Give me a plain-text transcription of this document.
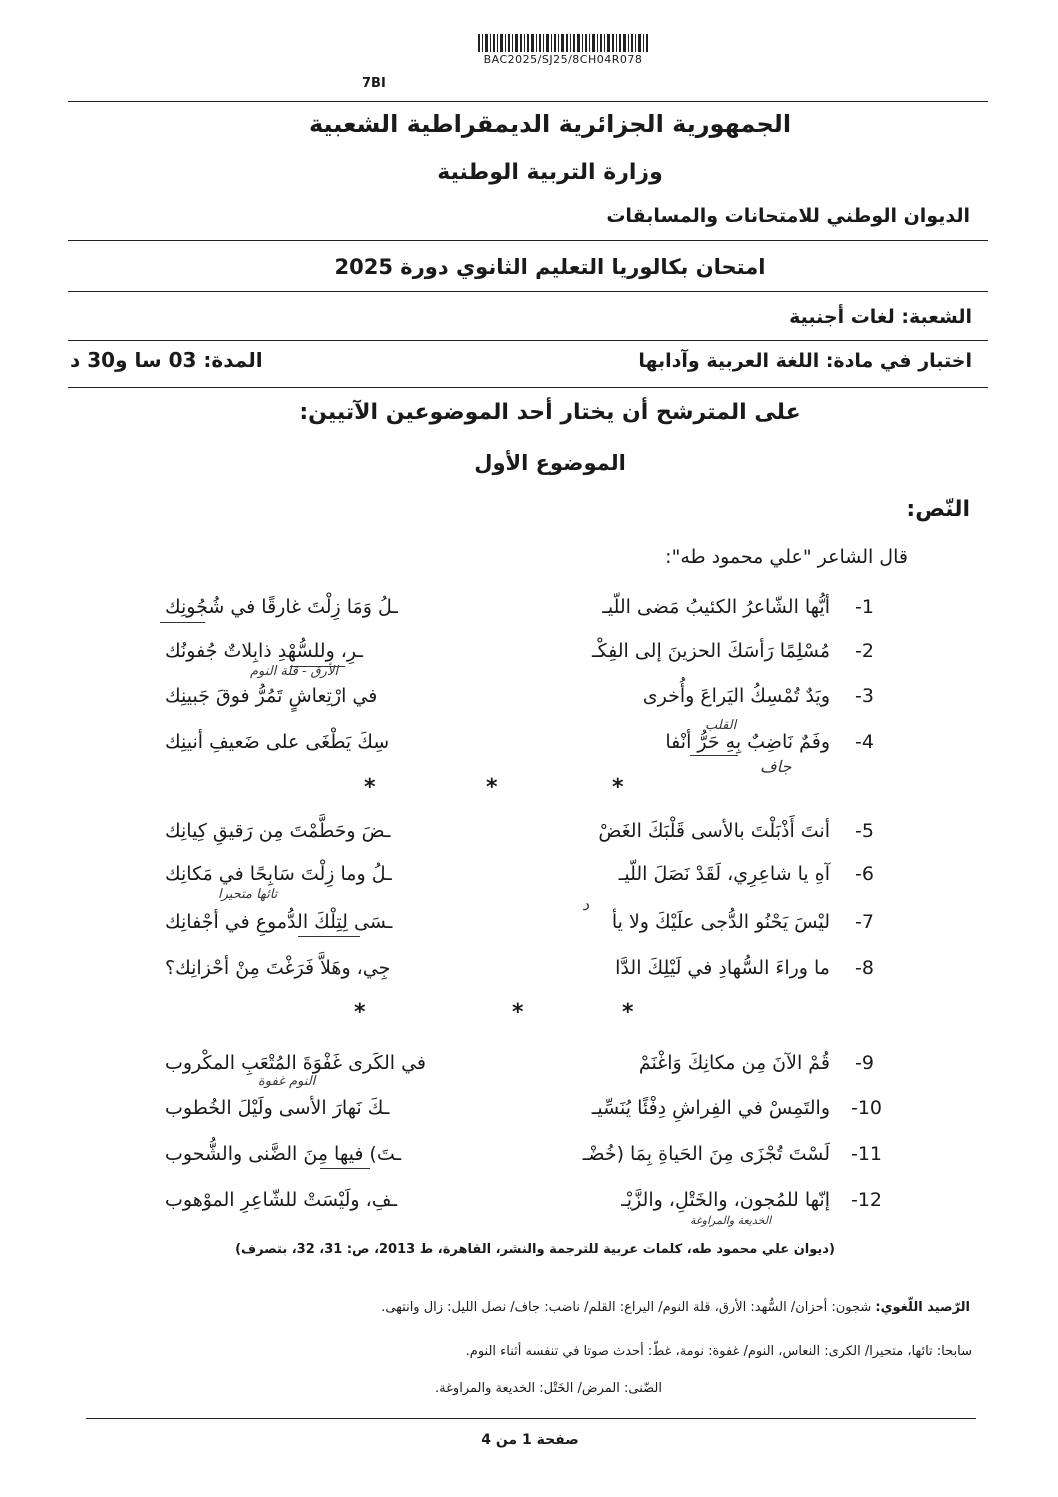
BAC2025/SJ25/8CH04R078
7BI
الجمهورية الجزائرية الديمقراطية الشعبية
وزارة التربية الوطنية
الديوان الوطني للامتحانات والمسابقات
امتحان بكالوريا التعليم الثانوي دورة 2025
الشعبة: لغات أجنبية
اختبار في مادة: اللغة العربية وآدابها
المدة: 03 سا و30 د
على المترشح أن يختار أحد الموضوعين الآتيين:
الموضوع الأول
النّص:
قال الشاعر "علي محمود طه":
1-
أيُّها الشّاعرُ الكئيبُ مَضى اللّيـ
ـلُ وَمَا زِلْتَ غارقًا في شُجُونِك
2-
مُسْلِمًا رَأسَكَ الحزينَ إلى الفِكْـ
ـرِ، وللسُّهْدِ ذابِلاتٌ جُفونُك
3-
ويَدٌ تُمْسِكُ اليَراعَ وأُخرى
في ارْتِعاشٍ تَمُرُّ فوقَ جَبينِك
4-
وفَمٌ نَاضِبٌ بِهِ حَرُّ أنْفا
سِكَ يَطْغَى على ضَعيفِ أنينِك
*	*	*
5-
أنتَ أَذْبَلْتَ بالأسى قَلْبَكَ الغَضْ
ـضَ وحَطَّمْتَ مِن رَقيقِ كِيانِك
6-
آهِ يا شاعِرِي، لَقَدْ نَصَلَ اللّيـ
ـلُ وما زِلْتَ سَابِحًا في مَكانِك
7-
ليْسَ يَحْنُو الدُّجى علَيْكَ ولا يأ
ـسَى لِتِلْكَ الدُّموعِ في أجْفانِك
8-
ما وراءَ السُّهادِ في لَيْلِكَ الدَّا
جِي، وهَلاَّ فَرَغْتَ مِنْ أحْزانِك؟
*	*	*
9-
قُمْ الآنَ مِن مكانِكَ وَاغْنَمْ
في الكَرى غَفْوَةَ المُتْعَبِ المكْروب
10-
والتَمِسْ في الفِراشِ دِفْئًا يُنَسِّيـ
ـكَ نَهارَ الأسى ولَيْلَ الخُطوب
11-
لَسْتَ تُجْزَى مِنَ الحَياةِ بِمَا (خُضْـ
ـتَ) فيها مِنَ الضَّنى والشُّحوب
12-
إنّها للمُجون، والخَتْلِ، والزَّيْـ
ـفِ، ولَيْسَتْ للشّاعِرِ الموْهوب
الأرق - قلة النوم
القلب
جاف
تائها متحيرا
د
النوم غفوة
الخديعة والمراوغة
(ديوان علي محمود طه، كلمات عربية للترجمة والنشر، القاهرة، ط 2013، ص: 31، 32، بتصرف)
الرّصيد اللّغوي: شجون: أحزان/ السُّهد: الأرق، قلة النوم/ اليراع: القلم/ ناضب: جاف/ نصل الليل: زال وانتهى.
سابحا: تائها، متحيرا/ الكرى: النعاس، النوم/ غفوة: نومة، غطّ: أحدث صوتا في تنفسه أثناء النوم.
الضّنى: المرض/ الخَتْل: الخديعة والمراوغة.
صفحة 1 من 4
